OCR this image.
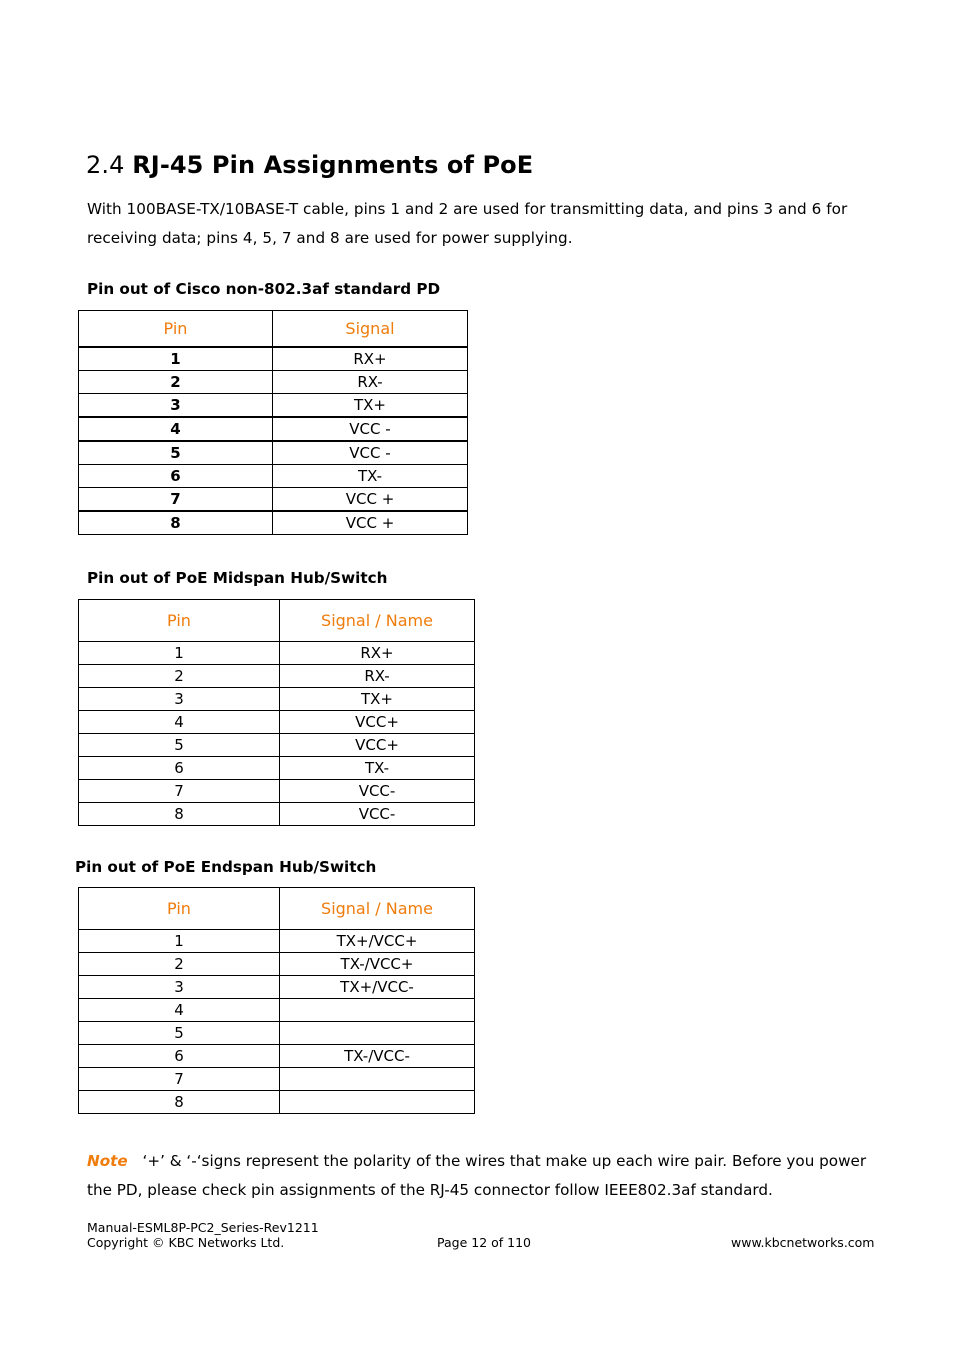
2.4 RJ-45 Pin Assignments of PoE
With 100BASE-TX/10BASE-T cable, pins 1 and 2 are used for transmitting data, and pins 3 and 6 for receiving data; pins 4, 5, 7 and 8 are used for power supplying.
Pin out of Cisco non-802.3af standard PD
Pin	Signal
1	RX+
2	RX-
3	TX+
4	VCC -
5	VCC -
6	TX-
7	VCC +
8	VCC +
Pin out of PoE Midspan Hub/Switch
Pin	Signal / Name
1	RX+
2	RX-
3	TX+
4	VCC+
5	VCC+
6	TX-
7	VCC-
8	VCC-
Pin out of PoE Endspan Hub/Switch
Pin	Signal / Name
1	TX+/VCC+
2	TX-/VCC+
3	TX+/VCC-
4	
5	
6	TX-/VCC-
7	
8	
Note ‘+’ & ‘-‘signs represent the polarity of the wires that make up each wire pair. Before you power the PD, please check pin assignments of the RJ-45 connector follow IEEE802.3af standard.
Manual-ESML8P-PC2_Series-Rev1211
Copyright © KBC Networks Ltd.	Page 12 of 110	www.kbcnetworks.com
